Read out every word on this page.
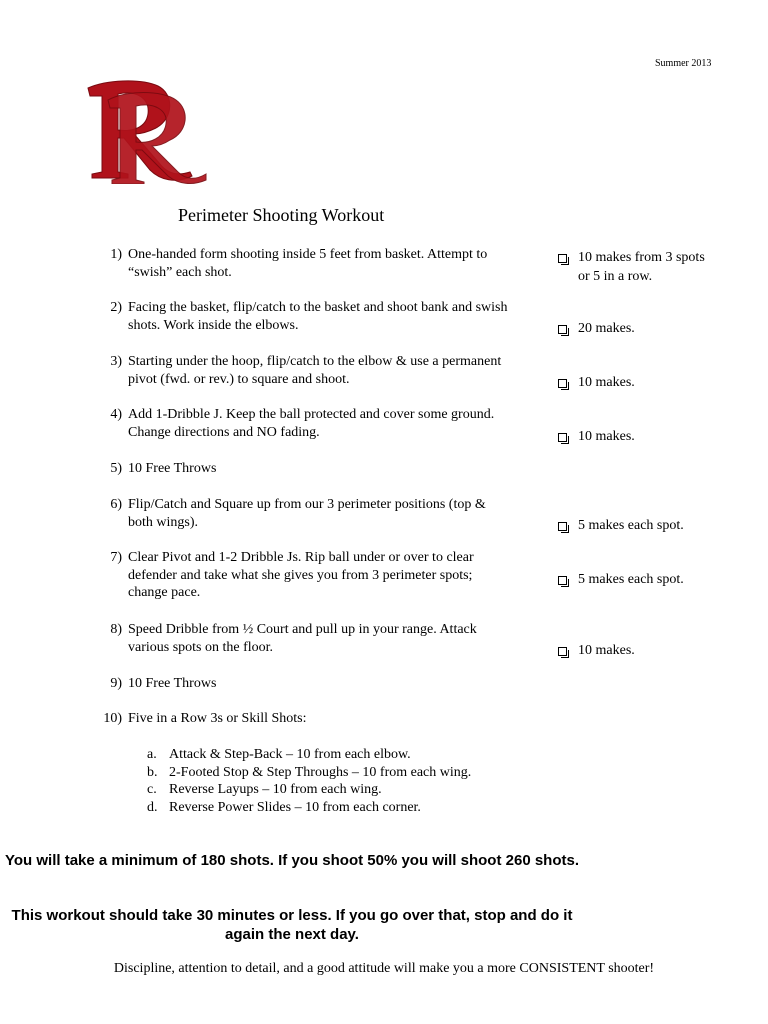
Summer 2013
Perimeter Shooting Workout
1) One-handed form shooting inside 5 feet from basket. Attempt to “swish” each shot.
2) Facing the basket, flip/catch to the basket and shoot bank and swish shots. Work inside the elbows.
3) Starting under the hoop, flip/catch to the elbow & use a permanent pivot (fwd. or rev.) to square and shoot.
4) Add 1-Dribble J. Keep the ball protected and cover some ground. Change directions and NO fading.
5) 10 Free Throws
6) Flip/Catch and Square up from our 3 perimeter positions (top & both wings).
7) Clear Pivot and 1-2 Dribble Js. Rip ball under or over to clear defender and take what she gives you from 3 perimeter spots; change pace.
8) Speed Dribble from ½ Court and pull up in your range. Attack various spots on the floor.
9) 10 Free Throws
10) Five in a Row 3s or Skill Shots:
a. Attack & Step-Back – 10 from each elbow.
b. 2-Footed Stop & Step Throughs – 10 from each wing.
c. Reverse Layups – 10 from each wing.
d. Reverse Power Slides – 10 from each corner.
10 makes from 3 spots or 5 in a row.
20 makes.
10 makes.
10 makes.
5 makes each spot.
5 makes each spot.
10 makes.
You will take a minimum of 180 shots. If you shoot 50% you will shoot 260 shots.
This workout should take 30 minutes or less. If you go over that, stop and do it again the next day.
Discipline, attention to detail, and a good attitude will make you a more CONSISTENT shooter!
